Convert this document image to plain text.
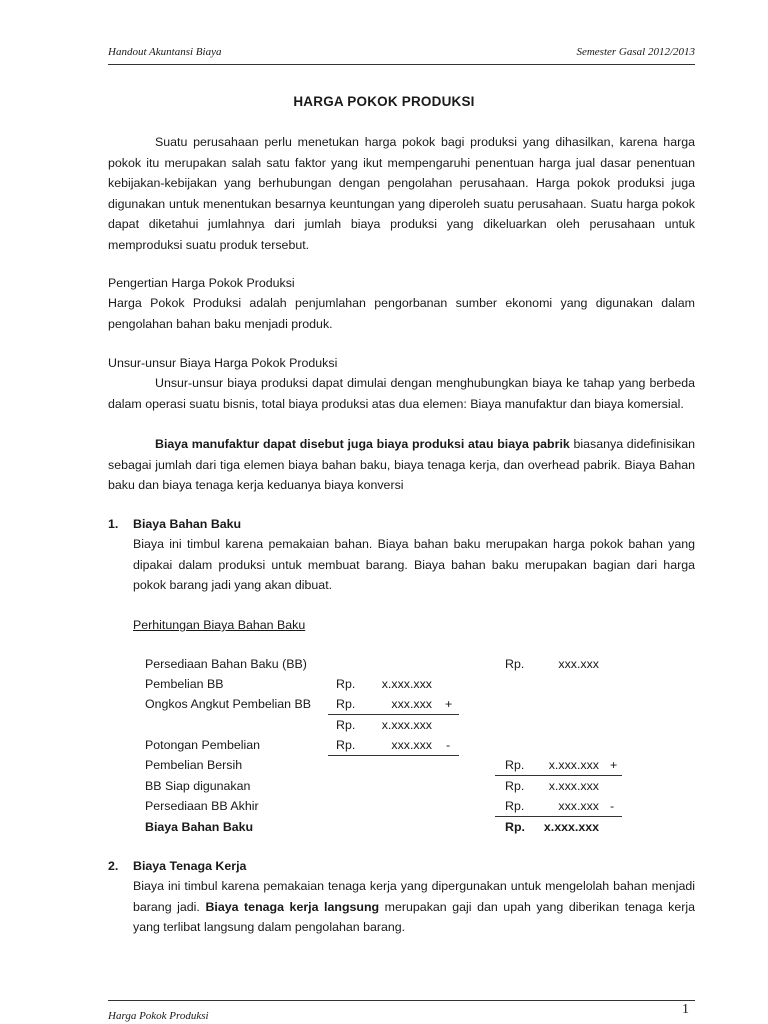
Handout Akuntansi Biaya	Semester Gasal 2012/2013
HARGA POKOK PRODUKSI

Suatu perusahaan perlu menetukan harga pokok bagi produksi yang dihasilkan, karena harga pokok itu merupakan salah satu faktor yang ikut mempengaruhi penentuan harga jual dasar penentuan kebijakan-kebijakan yang berhubungan dengan pengolahan perusahaan. Harga pokok produksi juga digunakan untuk menentukan besarnya keuntungan yang diperoleh suatu perusahaan. Suatu harga pokok dapat diketahui jumlahnya dari jumlah biaya produksi yang dikeluarkan oleh perusahaan untuk memproduksi suatu produk tersebut.

Pengertian Harga Pokok Produksi

Harga Pokok Produksi adalah penjumlahan pengorbanan sumber ekonomi yang digunakan dalam pengolahan bahan baku menjadi produk.

Unsur-unsur Biaya Harga Pokok Produksi

Unsur-unsur biaya produksi dapat dimulai dengan menghubungkan biaya ke tahap yang berbeda dalam operasi suatu bisnis, total biaya produksi atas dua elemen: Biaya manufaktur dan biaya komersial.

Biaya manufaktur dapat disebut juga biaya produksi atau biaya pabrik biasanya didefinisikan sebagai jumlah dari tiga elemen biaya bahan baku, biaya tenaga kerja, dan overhead pabrik. Biaya Bahan baku dan biaya tenaga kerja keduanya biaya konversi

1. Biaya Bahan Baku

Biaya ini timbul karena pemakaian bahan. Biaya bahan baku merupakan harga pokok bahan yang dipakai dalam produksi untuk membuat barang. Biaya bahan baku merupakan bagian dari harga pokok barang jadi yang akan dibuat.

Perhitungan Biaya Bahan Baku
Persediaan Bahan Baku (BB)	Rp.	xxx.xxx
Pembelian BB	Rp.	x.xxx.xxx
Ongkos Angkut Pembelian BB Rp.	xxx.xxx +
Rp.	x.xxx.xxx
Potongan Pembelian	Rp.	xxx.xxx -
Pembelian Bersih	Rp.	x.xxx.xxx +
BB Siap digunakan	Rp.	x.xxx.xxx
Persediaan BB Akhir	Rp.	xxx.xxx -
Biaya Bahan Baku	Rp.	x.xxx.xxx
2. Biaya Tenaga Kerja

Biaya ini timbul karena pemakaian tenaga kerja yang dipergunakan untuk mengelolah bahan menjadi barang jadi. Biaya tenaga kerja langsung merupakan gaji dan upah yang diberikan tenaga kerja yang terlibat langsung dalam pengolahan barang.

Harga Pokok Produksi	1
